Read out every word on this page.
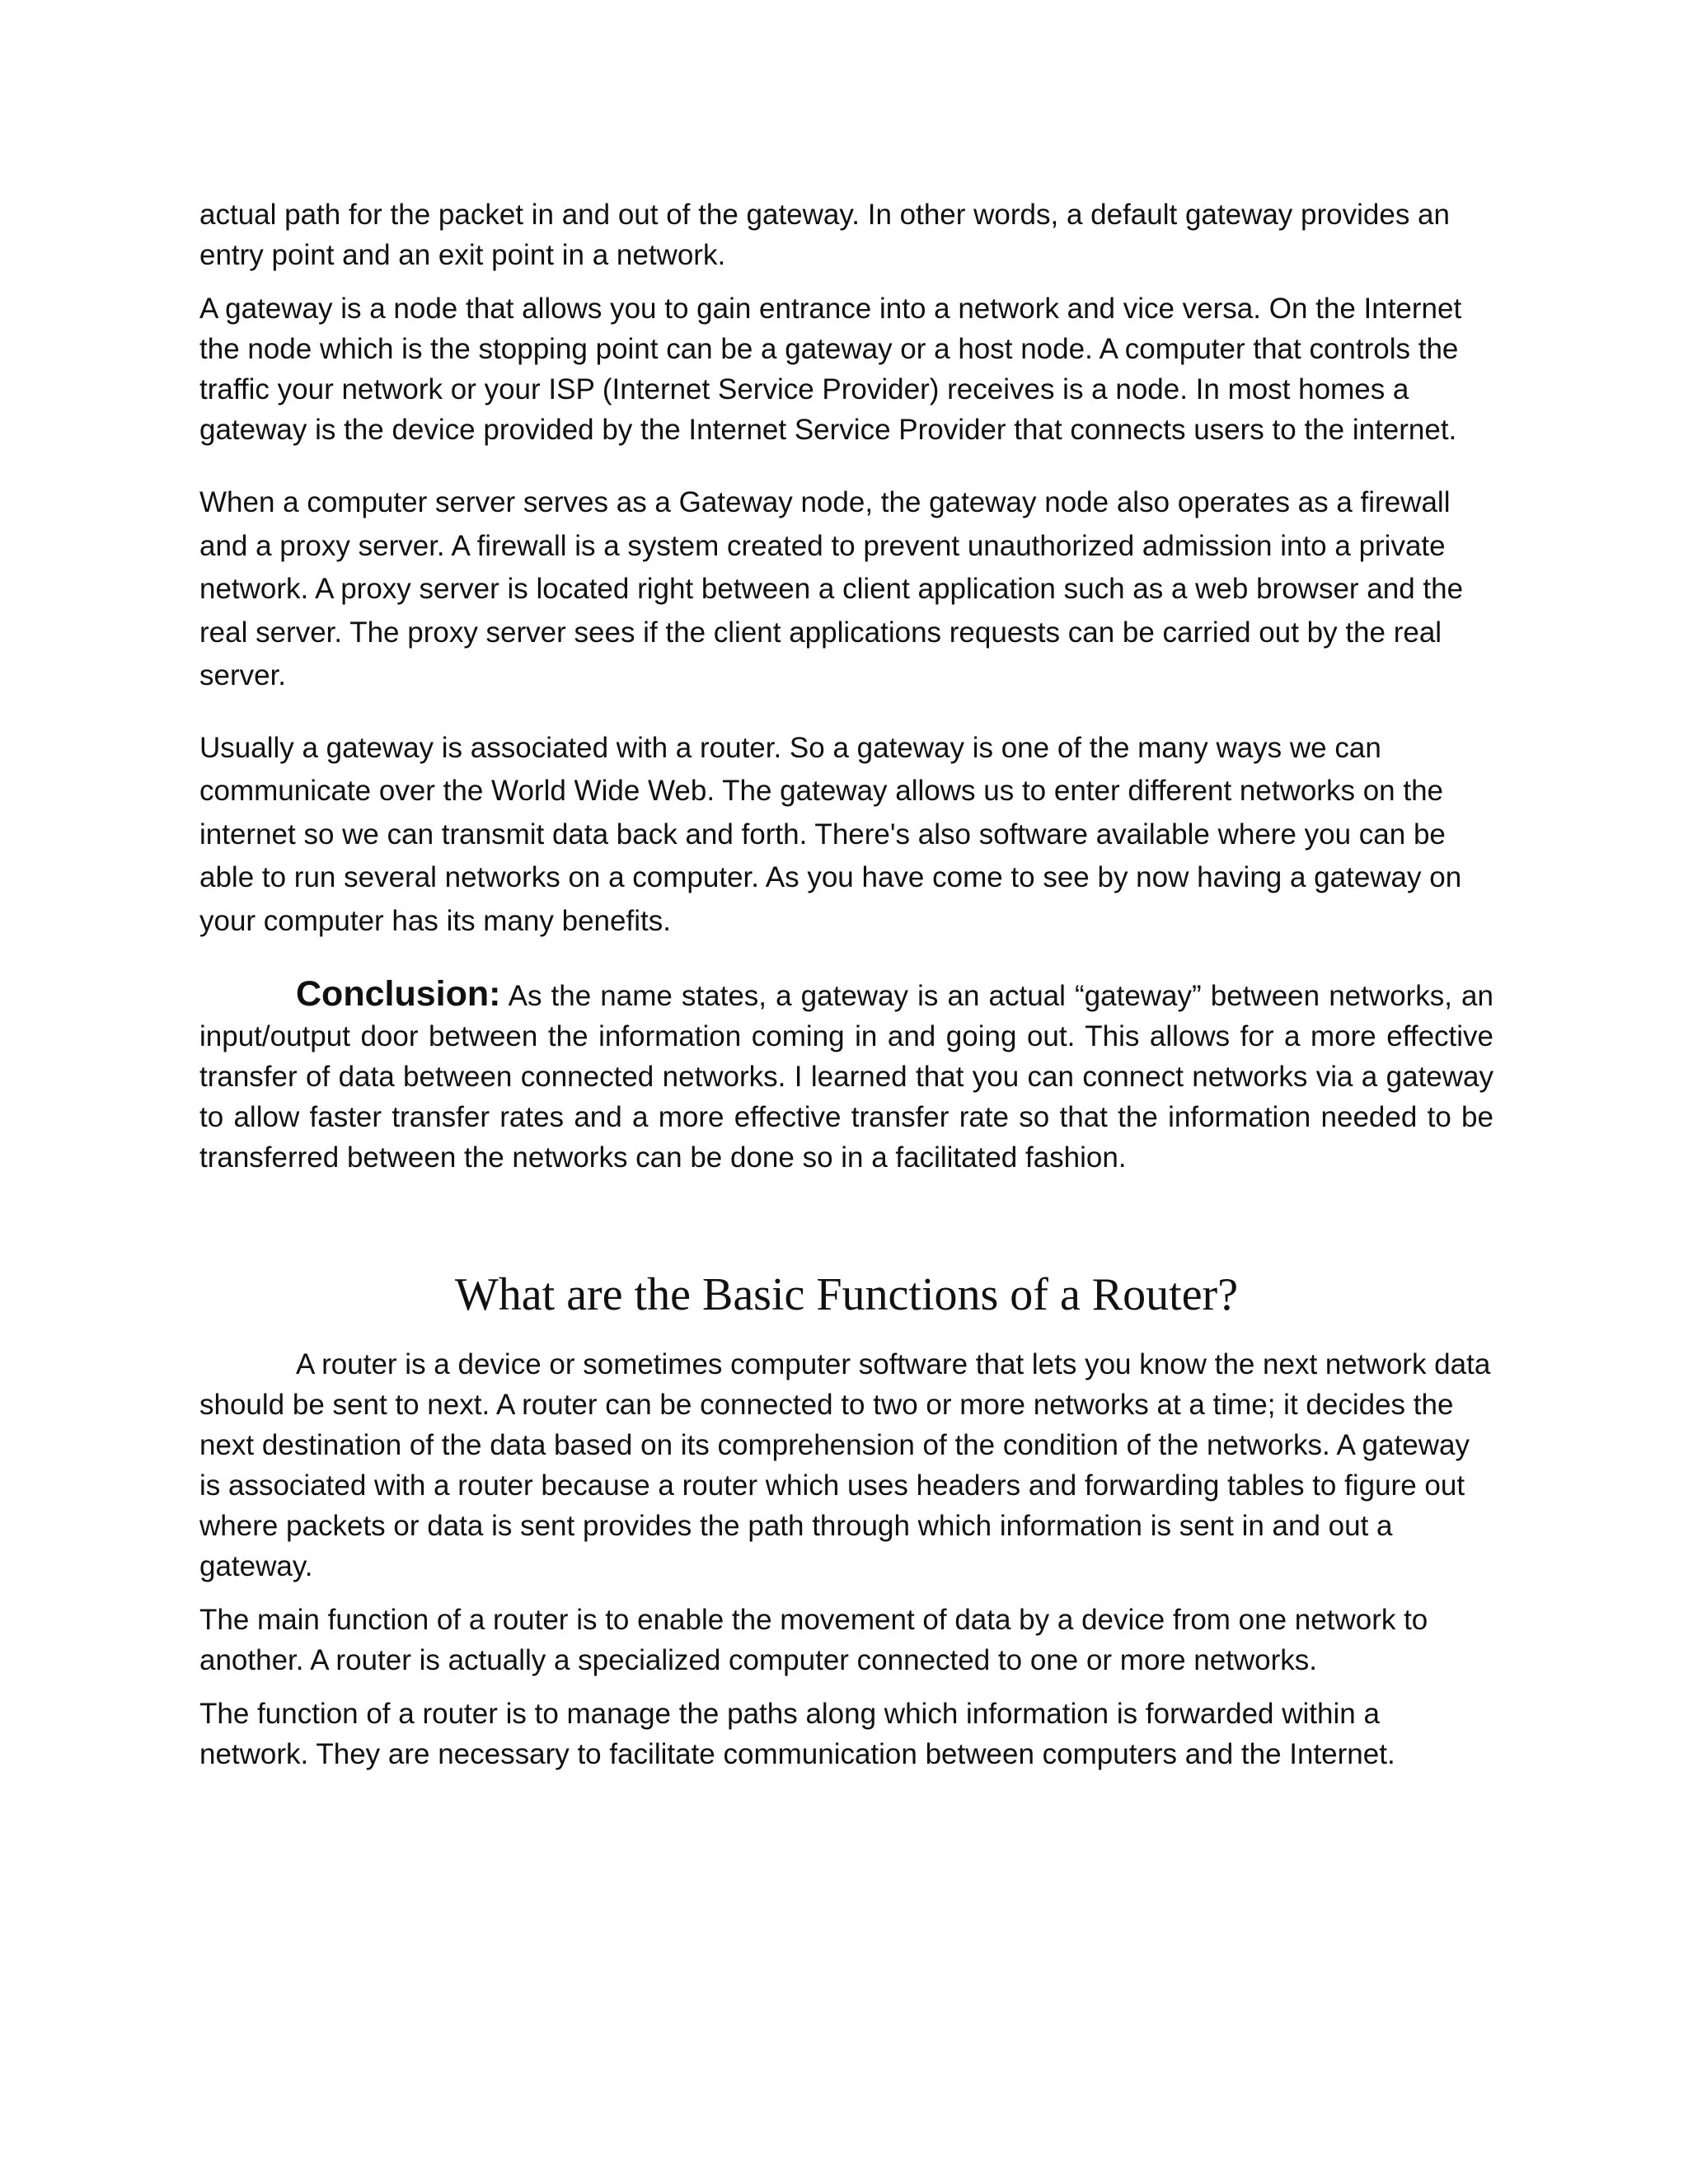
actual path for the packet in and out of the gateway. In other words, a default gateway provides an entry point and an exit point in a network.

A gateway is a node that allows you to gain entrance into a network and vice versa. On the Internet the node which is the stopping point can be a gateway or a host node. A computer that controls the traffic your network or your ISP (Internet Service Provider) receives is a node. In most homes a gateway is the device provided by the Internet Service Provider that connects users to the internet.

When a computer server serves as a Gateway node, the gateway node also operates as a firewall and a proxy server. A firewall is a system created to prevent unauthorized admission into a private network. A proxy server is located right between a client application such as a web browser and the real server. The proxy server sees if the client applications requests can be carried out by the real server.

Usually a gateway is associated with a router. So a gateway is one of the many ways we can communicate over the World Wide Web. The gateway allows us to enter different networks on the internet so we can transmit data back and forth. There's also software available where you can be able to run several networks on a computer. As you have come to see by now having a gateway on your computer has its many benefits.

Conclusion: As the name states, a gateway is an actual “gateway” between networks, an input/output door between the information coming in and going out. This allows for a more effective transfer of data between connected networks. I learned that you can connect networks via a gateway to allow faster transfer rates and a more effective transfer rate so that the information needed to be transferred between the networks can be done so in a facilitated fashion.

What are the Basic Functions of a Router?

A router is a device or sometimes computer software that lets you know the next network data should be sent to next. A router can be connected to two or more networks at a time; it decides the next destination of the data based on its comprehension of the condition of the networks. A gateway is associated with a router because a router which uses headers and forwarding tables to figure out where packets or data is sent provides the path through which information is sent in and out a gateway.

The main function of a router is to enable the movement of data by a device from one network to another. A router is actually a specialized computer connected to one or more networks.

The function of a router is to manage the paths along which information is forwarded within a network. They are necessary to facilitate communication between computers and the Internet.
